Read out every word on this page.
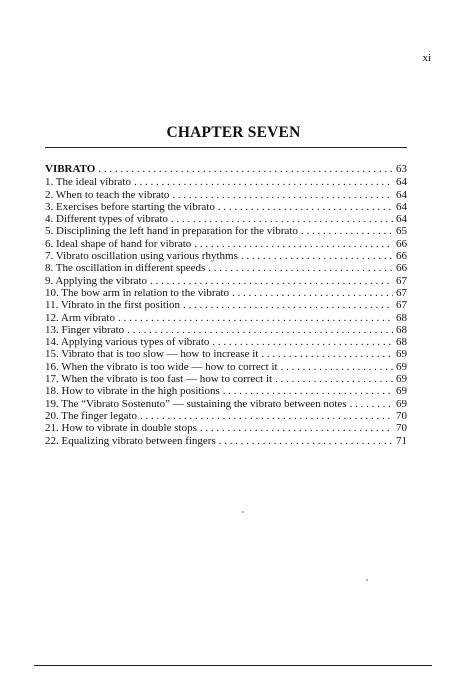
xi
CHAPTER SEVEN
VIBRATO . . .	63
1. The ideal vibrato . . .	64
2. When to teach the vibrato . . .	64
3. Exercises before starting the vibrato . . .	64
4. Different types of vibrato . . .	64
5. Disciplining the left hand in preparation for the vibrato . . .	65
6. Ideal shape of hand for vibrato . . .	66
7. Vibrato oscillation using various rhythms . . .	66
8. The oscillation in different speeds . . .	66
9. Applying the vibrato . . .	67
10. The bow arm in relation to the vibrato . . .	67
11. Vibrato in the first position . . .	67
12. Arm vibrato . . .	68
13. Finger vibrato . . .	68
14. Applying various types of vibrato . . .	68
15. Vibrato that is too slow — how to increase it . . .	69
16. When the vibrato is too wide — how to correct it . . .	69
17. When the vibrato is too fast — how to correct it . . .	69
18. How to vibrate in the high positions . . .	69
19. The “Vibrato Sostenuto” — sustaining the vibrato between notes . . .	69
20. The finger legato . . .	70
21. How to vibrate in double stops . . .	70
22. Equalizing vibrato between fingers . . .	71
